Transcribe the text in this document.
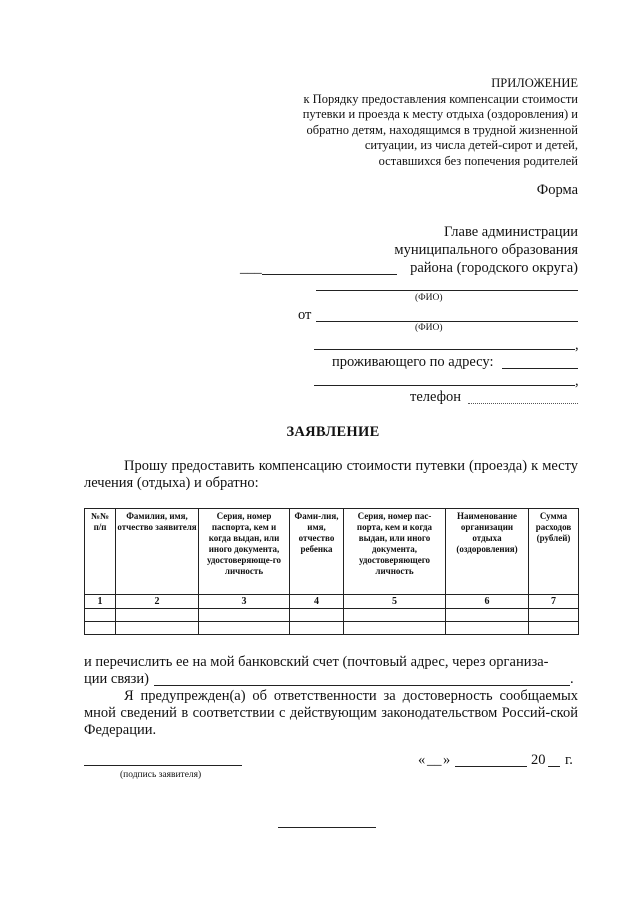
ПРИЛОЖЕНИЕ
к Порядку предоставления компенсации стоимости
путевки и проезда к месту отдыха (оздоровления) и
обратно детям, находящимся в трудной жизненной
ситуации, из числа детей-сирот и детей,
оставшихся без попечения родителей
Форма
Главе администрации
муниципального образования
___	района (городского округа)
(ФИО)
от
(ФИО)
,
проживающего по адресу:
,
телефон
ЗАЯВЛЕНИЕ
Прошу предоставить компенсацию стоимости путевки (проезда) к месту лечения (отдыха) и обратно:
№№ п/п	Фамилия, имя, отчество заявителя	Серия, номер паспорта, кем и когда выдан, или иного документа, удостоверяюще-го личность	Фами-лия, имя, отчество ребенка	Серия, номер пас-порта, кем и когда выдан, или иного документа, удостоверяющего личность	Наименование организации отдыха (оздоровления)	Сумма расходов (рублей)
1	2	3	4	5	6	7

и перечислить ее на мой банковский счет (почтовый адрес, через организа-
ции связи)	.
Я предупрежден(а) об ответственности за достоверность сообщаемых мной сведений в соответствии с действующим законодательством Россий-ской Федерации.
(подпись заявителя)
« __ »	20 г.
